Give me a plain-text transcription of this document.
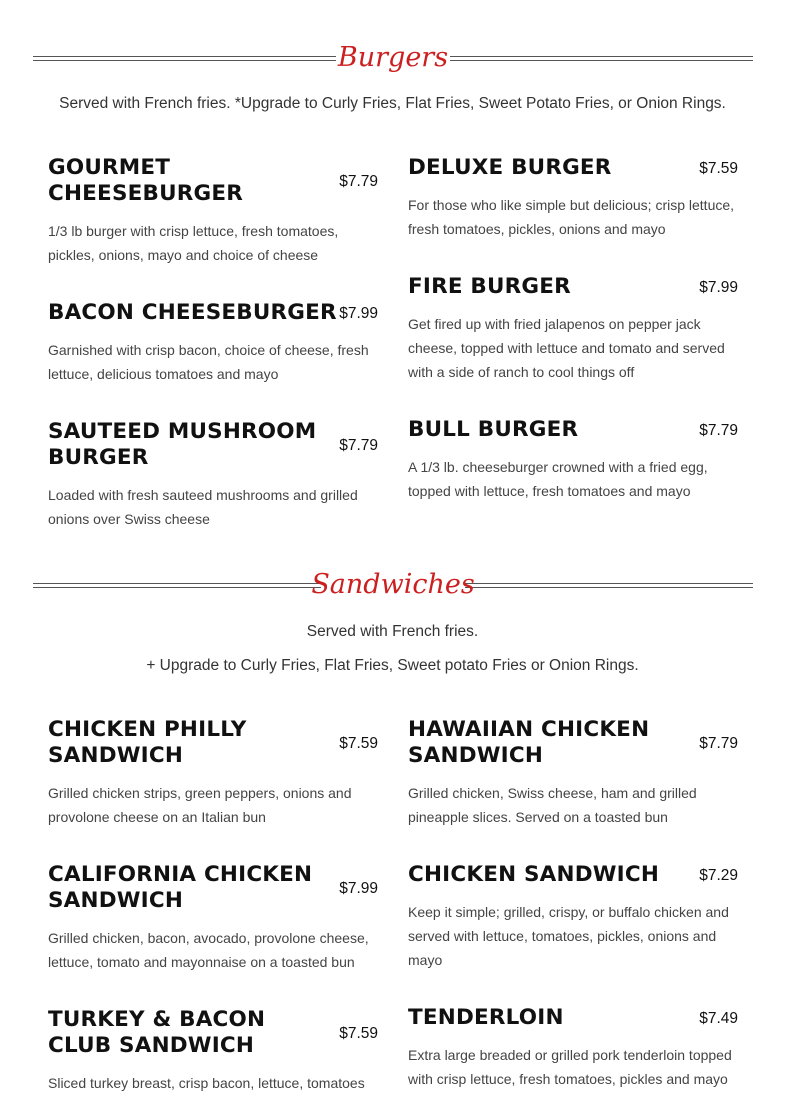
Burgers
Served with French fries. *Upgrade to Curly Fries, Flat Fries, Sweet Potato Fries, or Onion Rings.
GOURMET CHEESEBURGER	$7.79
1/3 lb burger with crisp lettuce, fresh tomatoes, pickles, onions, mayo and choice of cheese
DELUXE BURGER	$7.59
For those who like simple but delicious; crisp lettuce, fresh tomatoes, pickles, onions and mayo
BACON CHEESEBURGER $7.99
Garnished with crisp bacon, choice of cheese, fresh lettuce, delicious tomatoes and mayo
FIRE BURGER	$7.99
Get fired up with fried jalapenos on pepper jack cheese, topped with lettuce and tomato and served with a side of ranch to cool things off
SAUTEED MUSHROOM BURGER	$7.79
Loaded with fresh sauteed mushrooms and grilled onions over Swiss cheese
BULL BURGER	$7.79
A 1/3 lb. cheeseburger crowned with a fried egg, topped with lettuce, fresh tomatoes and mayo
Sandwiches
Served with French fries.
+ Upgrade to Curly Fries, Flat Fries, Sweet potato Fries or Onion Rings.
CHICKEN PHILLY SANDWICH	$7.59
Grilled chicken strips, green peppers, onions and provolone cheese on an Italian bun
HAWAIIAN CHICKEN SANDWICH	$7.79
Grilled chicken, Swiss cheese, ham and grilled pineapple slices. Served on a toasted bun
CALIFORNIA CHICKEN SANDWICH	$7.99
Grilled chicken, bacon, avocado, provolone cheese, lettuce, tomato and mayonnaise on a toasted bun
CHICKEN SANDWICH	$7.29
Keep it simple; grilled, crispy, or buffalo chicken and served with lettuce, tomatoes, pickles, onions and mayo
TURKEY & BACON CLUB SANDWICH	$7.59
Sliced turkey breast, crisp bacon, lettuce, tomatoes
TENDERLOIN	$7.49
Extra large breaded or grilled pork tenderloin topped with crisp lettuce, fresh tomatoes, pickles and mayo
